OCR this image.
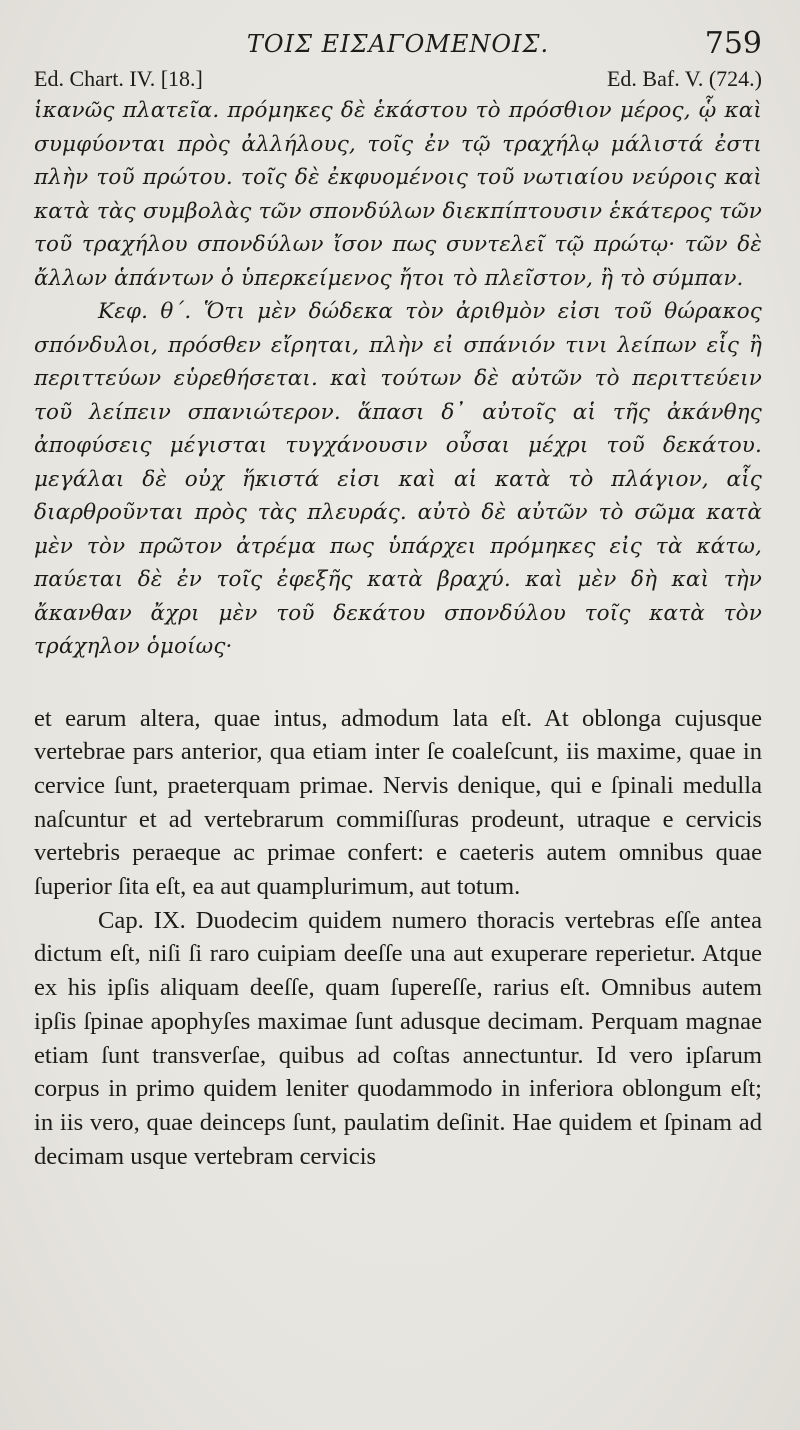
ΤΟΙΣ ΕΙΣΑΓΟΜΕΝΟΙΣ.	759
Ed. Chart. IV. [18.]	Ed. Baf. V. (724.)

ἱκανῶς πλατεῖα. πρόμηκες δὲ ἑκάστου τὸ πρόσθιον μέρος, ᾧ καὶ συμφύονται πρὸς ἀλλήλους, τοῖς ἐν τῷ τραχήλῳ μάλιστά ἐστι πλὴν τοῦ πρώτου. τοῖς δὲ ἐκφυομένοις τοῦ νωτιαίου νεύροις καὶ κατὰ τὰς συμβολὰς τῶν σπονδύλων διεκπίπτουσιν ἑκάτερος τῶν τοῦ τραχήλου σπονδύλων ἴσον πως συντελεῖ τῷ πρώτῳ· τῶν δὲ ἄλλων ἁπάντων ὁ ὑπερκείμενος ἤτοι τὸ πλεῖστον, ἢ τὸ σύμπαν.

Κεφ. θ΄. Ὅτι μὲν δώδεκα τὸν ἀριθμὸν εἰσι τοῦ θώρακος σπόνδυλοι, πρόσθεν εἴρηται, πλὴν εἰ σπάνιόν τινι λείπων εἷς ἢ περιττεύων εὑρεθήσεται. καὶ τούτων δὲ αὐτῶν τὸ περιττεύειν τοῦ λείπειν σπανιώτερον. ἅπασι δ᾽ αὐτοῖς αἱ τῆς ἀκάνθης ἀποφύσεις μέγισται τυγχάνουσιν οὖσαι μέχρι τοῦ δεκάτου. μεγάλαι δὲ οὐχ ἥκιστά εἰσι καὶ αἱ κατὰ τὸ πλάγιον, αἷς διαρθροῦνται πρὸς τὰς πλευράς. αὐτὸ δὲ αὐτῶν τὸ σῶμα κατὰ μὲν τὸν πρῶτον ἀτρέμα πως ὑπάρχει πρόμηκες εἰς τὰ κάτω, παύεται δὲ ἐν τοῖς ἐφεξῆς κατὰ βραχύ. καὶ μὲν δὴ καὶ τὴν ἄκανθαν ἄχρι μὲν τοῦ δεκάτου σπονδύλου τοῖς κατὰ τὸν τράχηλον ὁμοίως·

et earum altera, quae intus, admodum lata eſt. At oblonga cujusque vertebrae pars anterior, qua etiam inter ſe coaleſcunt, iis maxime, quae in cervice ſunt, praeterquam primae. Nervis denique, qui e ſpinali medulla naſcuntur et ad vertebrarum commiſſuras prodeunt, utraque e cervicis vertebris peraeque ac primae confert: e caeteris autem omnibus quae ſuperior ſita eſt, ea aut quamplurimum, aut totum.

Cap. IX. Duodecim quidem numero thoracis vertebras eſſe antea dictum eſt, niſi ſi raro cuipiam deeſſe una aut exuperare reperietur. Atque ex his ipſis aliquam deeſſe, quam ſupereſſe, rarius eſt. Omnibus autem ipſis ſpinae apophyſes maximae ſunt adusque decimam. Perquam magnae etiam ſunt transverſae, quibus ad coſtas annectuntur. Id vero ipſarum corpus in primo quidem leniter quodammodo in inferiora oblongum eſt; in iis vero, quae deinceps ſunt, paulatim deſinit. Hae quidem et ſpinam ad decimam usque vertebram cervicis
